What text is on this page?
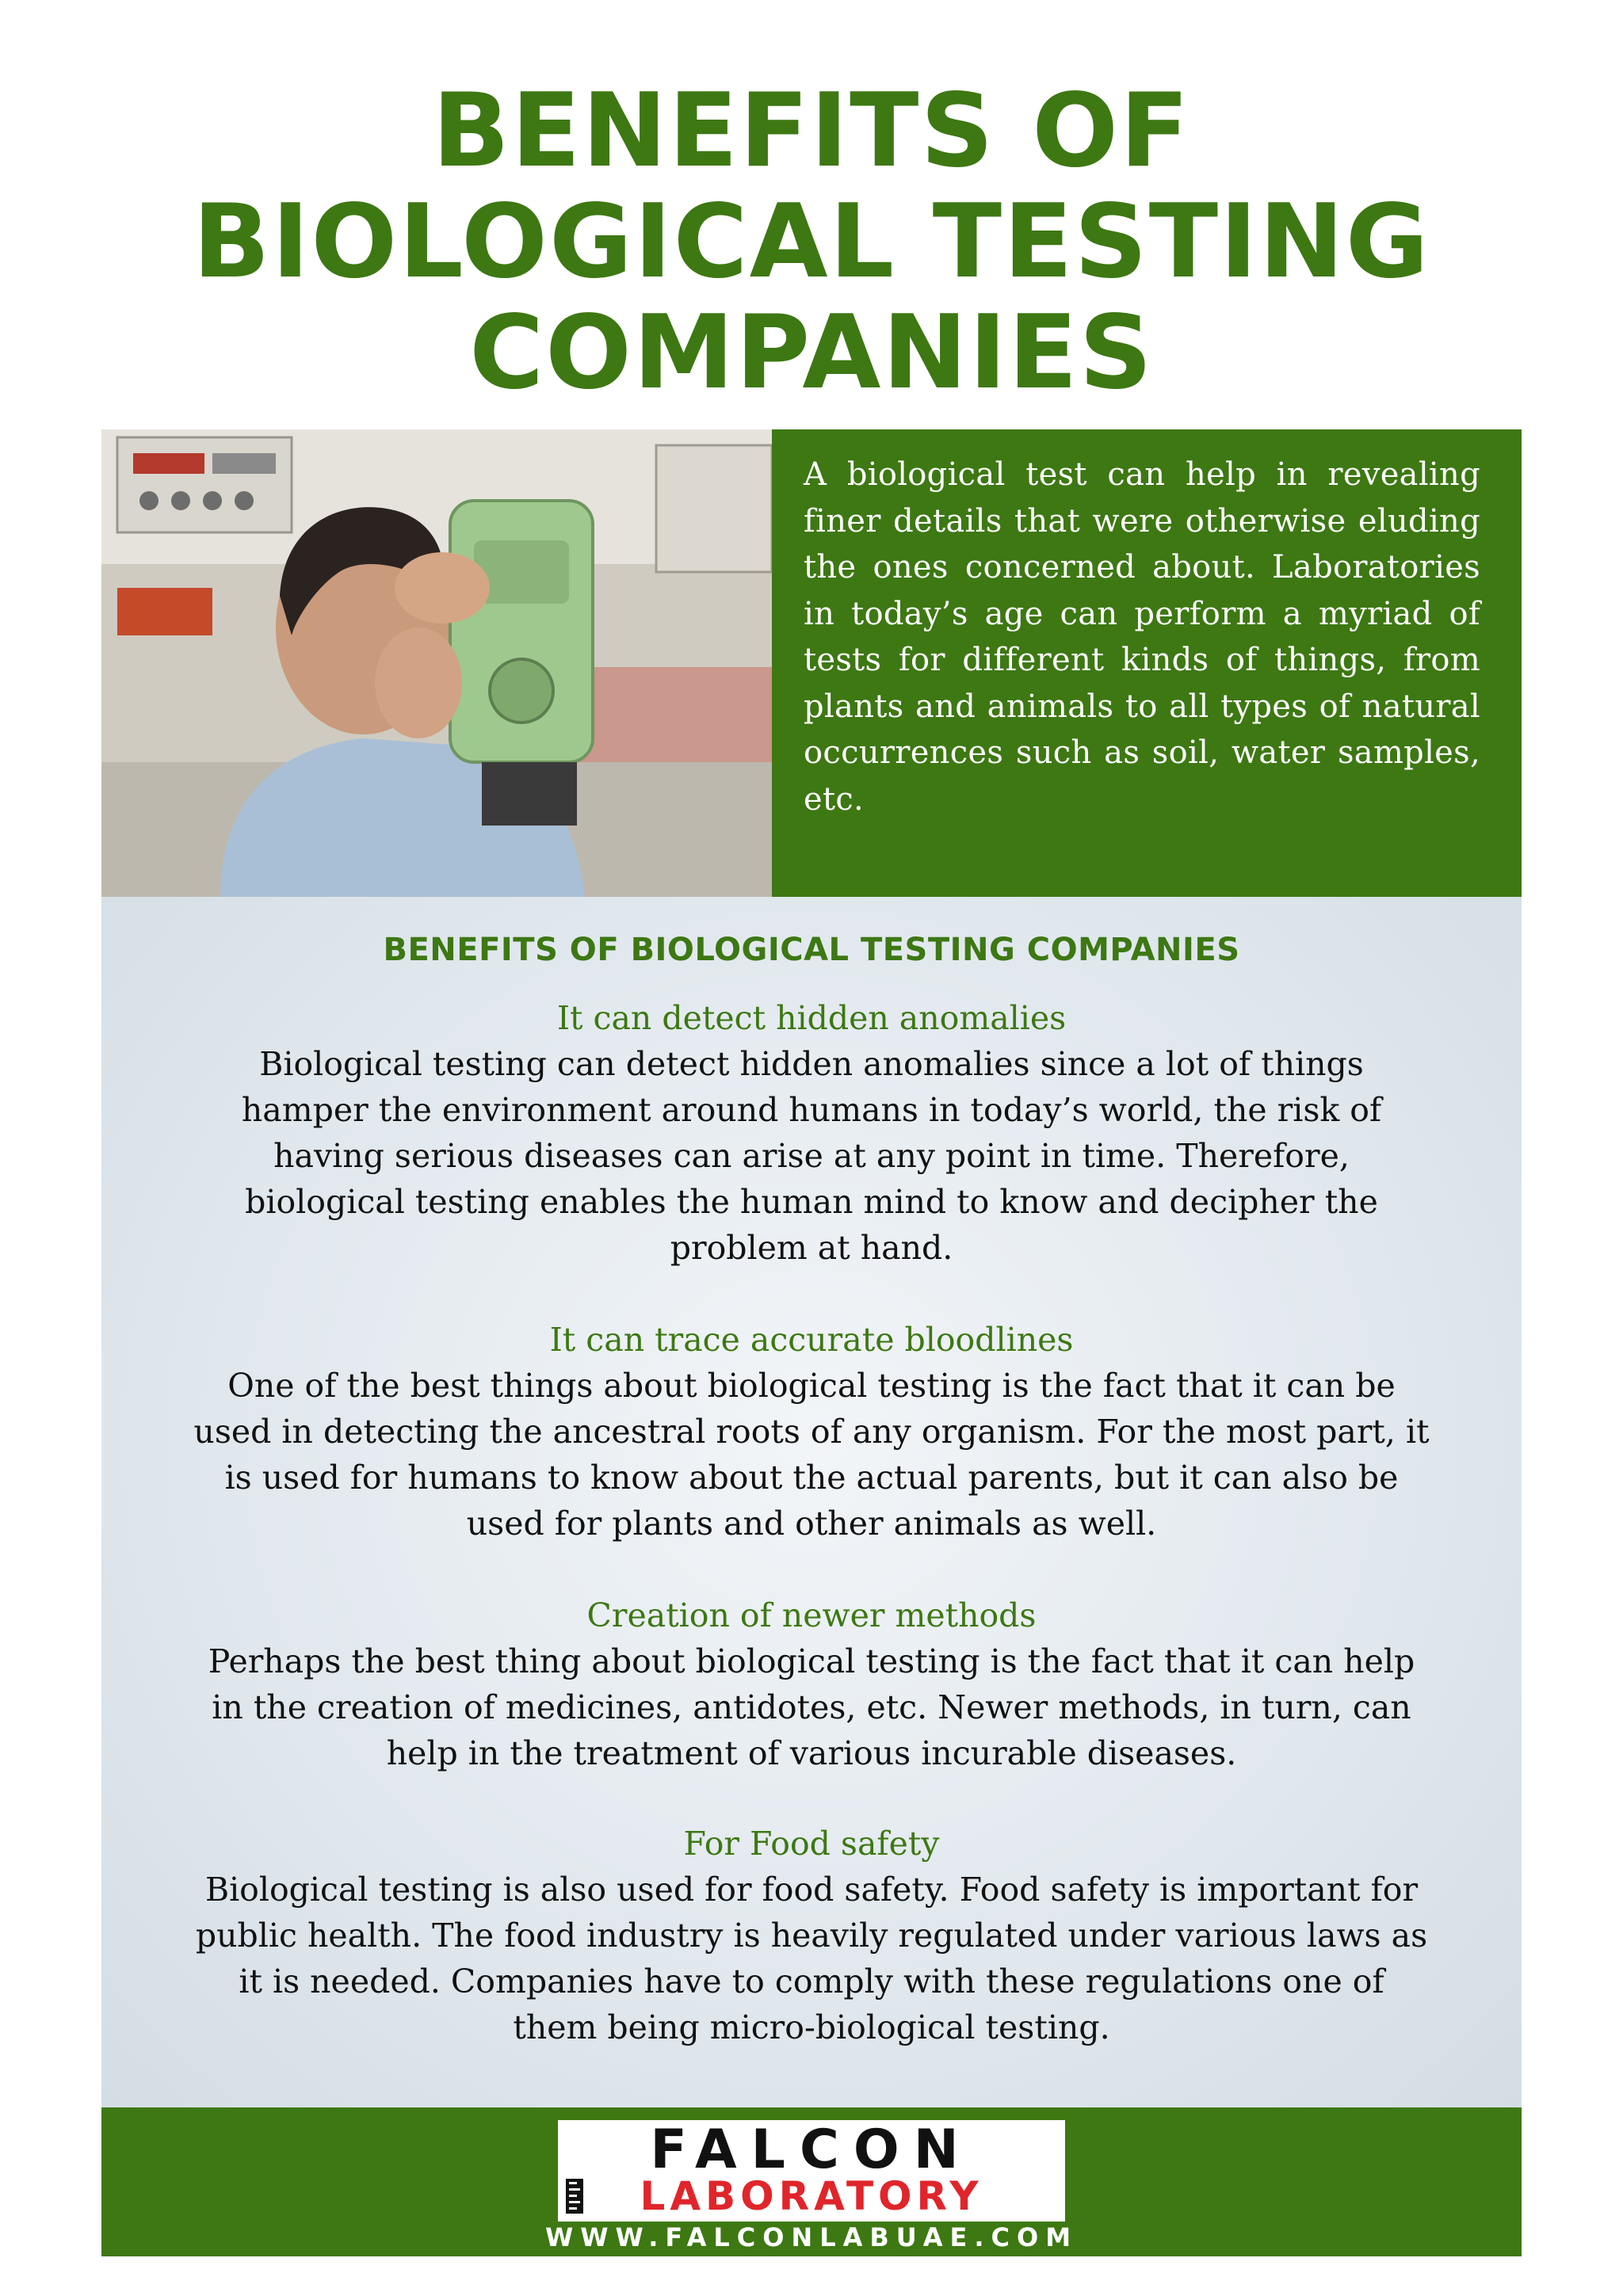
BENEFITS OF
BIOLOGICAL TESTING
COMPANIES

A biological test can help in revealing finer details that were otherwise eluding the ones concerned about. Laboratories in today’s age can perform a myriad of tests for different kinds of things, from plants and animals to all types of natural occurrences such as soil, water samples, etc.

BENEFITS OF BIOLOGICAL TESTING COMPANIES
It can detect hidden anomalies

Biological testing can detect hidden anomalies since a lot of things hamper the environment around humans in today’s world, the risk of having serious diseases can arise at any point in time. Therefore, biological testing enables the human mind to know and decipher the problem at hand.

It can trace accurate bloodlines

One of the best things about biological testing is the fact that it can be used in detecting the ancestral roots of any organism. For the most part, it is used for humans to know about the actual parents, but it can also be used for plants and other animals as well.

Creation of newer methods

Perhaps the best thing about biological testing is the fact that it can help in the creation of medicines, antidotes, etc. Newer methods, in turn, can help in the treatment of various incurable diseases.

For Food safety

Biological testing is also used for food safety. Food safety is important for public health. The food industry is heavily regulated under various laws as it is needed. Companies have to comply with these regulations one of them being micro-biological testing.

FALCON

LABORATORY

WWW.FALCONLABUAE.COM
